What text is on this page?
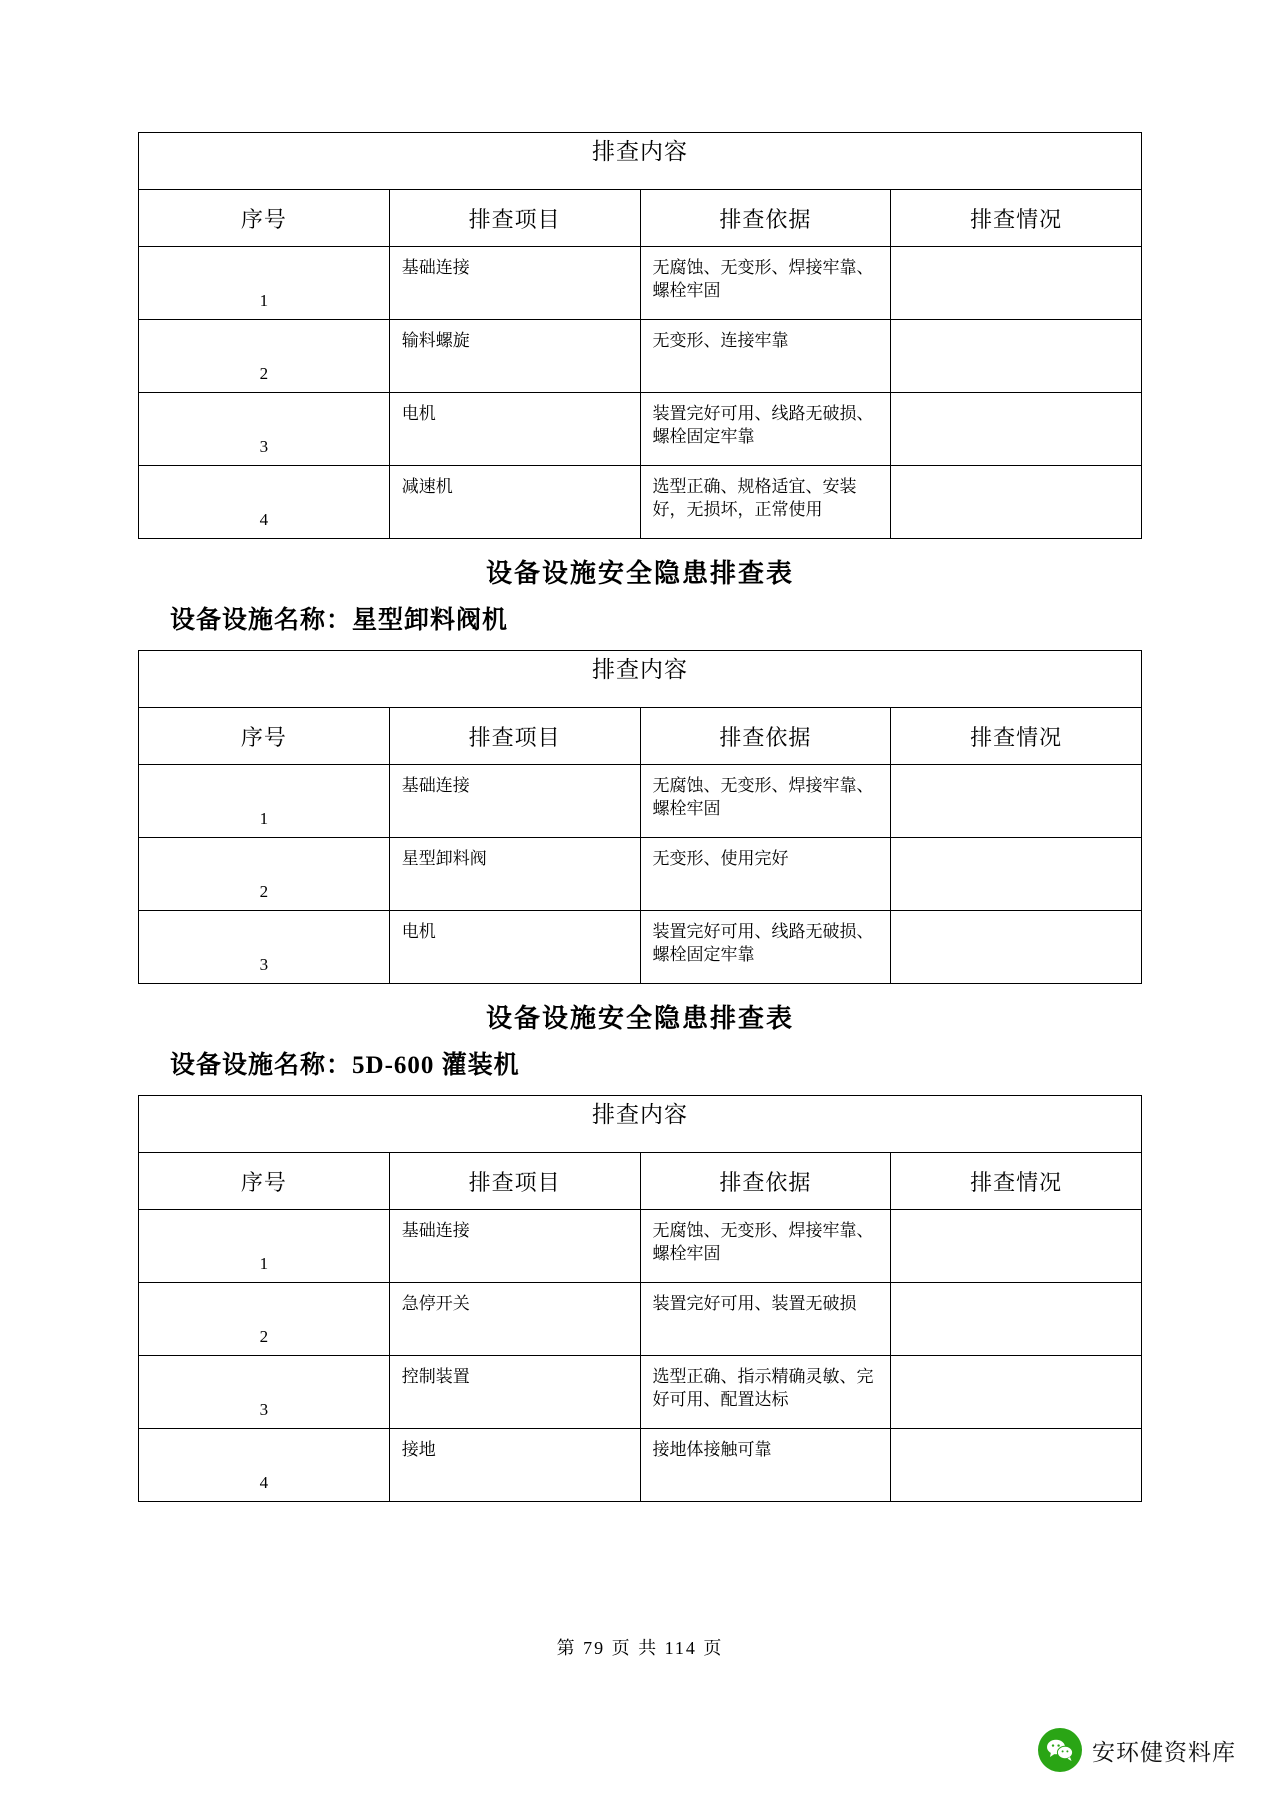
排查内容			
序号	排查项目	排查依据	排查情况
1	基础连接	无腐蚀、无变形、焊接牢靠、螺栓牢固	
2	输料螺旋	无变形、连接牢靠	
3	电机	装置完好可用、线路无破损、螺栓固定牢靠	
4	减速机	选型正确、规格适宜、安装好，无损坏，正常使用	
设备设施安全隐患排查表
设备设施名称：星型卸料阀机
排查内容			
序号	排查项目	排查依据	排查情况
1	基础连接	无腐蚀、无变形、焊接牢靠、螺栓牢固	
2	星型卸料阀	无变形、使用完好	
3	电机	装置完好可用、线路无破损、螺栓固定牢靠	
设备设施安全隐患排查表
设备设施名称：5D-600 灌装机
排查内容			
序号	排查项目	排查依据	排查情况
1	基础连接	无腐蚀、无变形、焊接牢靠、螺栓牢固	
2	急停开关	装置完好可用、装置无破损	
3	控制装置	选型正确、指示精确灵敏、完好可用、配置达标	
4	接地	接地体接触可靠	
第 79 页 共 114 页
安环健资料库
